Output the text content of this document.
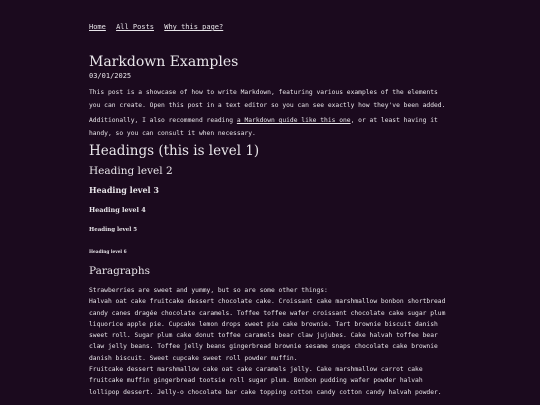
Home All Posts Why this page?
Markdown Examples
03/01/2025

This post is a showcase of how to write Markdown, featuring various examples of the elements you can create. Open this post in a text editor so you can see exactly how they've been added.

Additionally, I also recommend reading a Markdown guide like this one, or at least having it handy, so you can consult it when necessary.

Headings (this is level 1)
Heading level 2
Heading level 3
Heading level 4
Heading level 5
Heading level 6
Paragraphs

Strawberries are sweet and yummy, but so are some other things:

Halvah oat cake fruitcake dessert chocolate cake. Croissant cake marshmallow bonbon shortbread candy canes dragée chocolate caramels. Toffee toffee wafer croissant chocolate cake sugar plum liquorice apple pie. Cupcake lemon drops sweet pie cake brownie. Tart brownie biscuit danish sweet roll. Sugar plum cake donut toffee caramels bear claw jujubes. Cake halvah toffee bear claw jelly beans. Toffee jelly beans gingerbread brownie sesame snaps chocolate cake brownie danish biscuit. Sweet cupcake sweet roll powder muffin.

Fruitcake dessert marshmallow cake oat cake caramels jelly. Cake marshmallow carrot cake fruitcake muffin gingerbread tootsie roll sugar plum. Bonbon pudding wafer powder halvah lollipop dessert. Jelly-o chocolate bar cake topping cotton candy cotton candy halvah powder.
